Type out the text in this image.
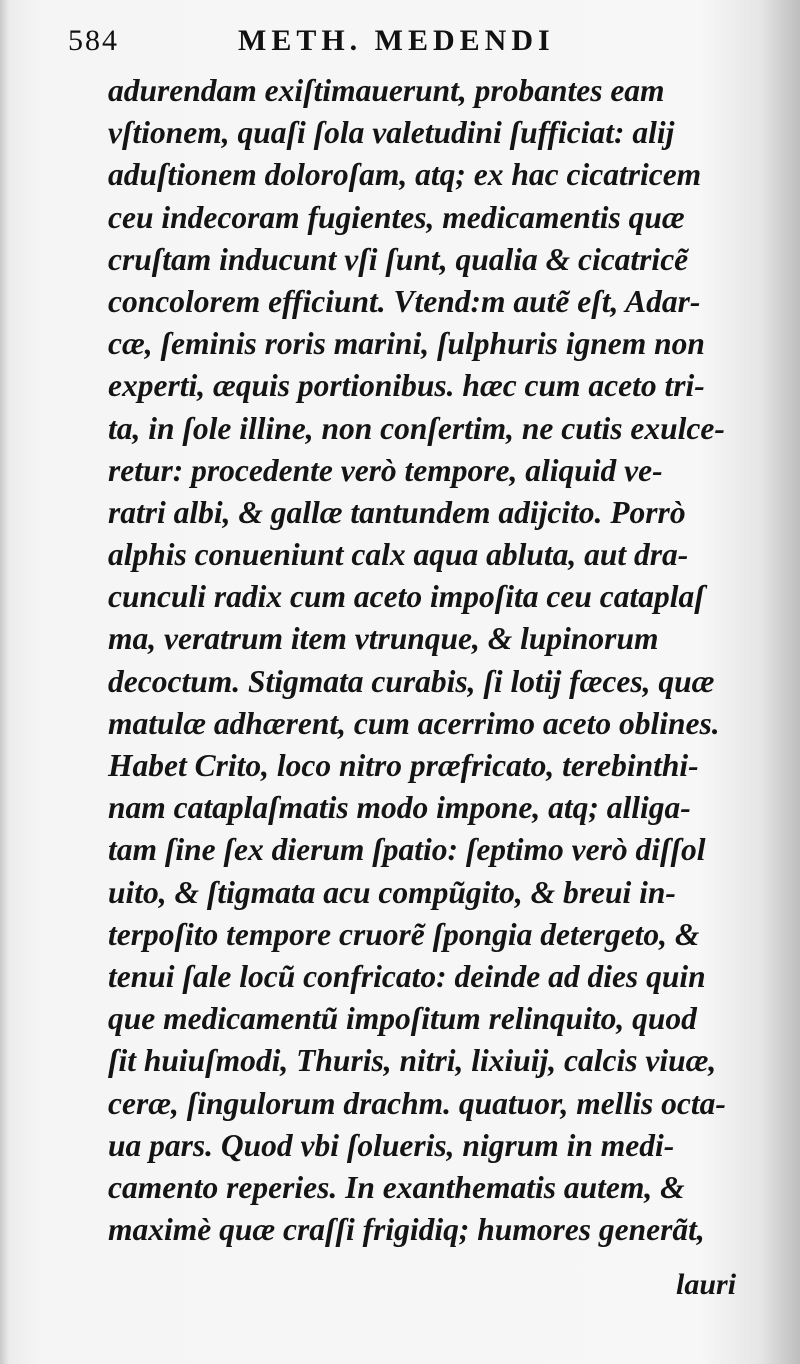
584	METH. MEDENDI
adurendam exiſtimauerunt, probantes eam
vſtionem, quaſi ſola valetudini ſufficiat: alij
aduſtionem doloroſam, atq; ex hac cicatricem
ceu indecoram fugientes, medicamentis quæ
cruſtam inducunt vſi ſunt, qualia & cicatricẽ
concolorem efficiunt. Vtend:m autẽ eſt, Adar-
cæ, ſeminis roris marini, ſulphuris ignem non
experti, æquis portionibus. hæc cum aceto tri-
ta, in ſole illine, non conſertim, ne cutis exulce-
retur: procedente verò tempore, aliquid ve-
ratri albi, & gallæ tantundem adijcito. Porrò
alphis conueniunt calx aqua abluta, aut dra-
cunculi radix cum aceto impoſita ceu cataplaſ
ma, veratrum item vtrunque, & lupinorum
decoctum. Stigmata curabis, ſi lotij fæces, quæ
matulæ adhærent, cum acerrimo aceto oblines.
Habet Crito, loco nitro præfricato, terebinthi-
nam cataplaſmatis modo impone, atq; alliga-
tam ſine ſex dierum ſpatio: ſeptimo verò diſſol
uito, & ſtigmata acu compũgito, & breui in-
terpoſito tempore cruorẽ ſpongia detergeto, &
tenui ſale locũ confricato: deinde ad dies quin
que medicamentũ impoſitum relinquito, quod
ſit huiuſmodi, Thuris, nitri, lixiuij, calcis viuæ,
ceræ, ſingulorum drachm. quatuor, mellis octa-
ua pars. Quod vbi ſolueris, nigrum in medi-
camento reperies. In exanthematis autem, &
maximè quæ craſſi frigidiq; humores generãt,
lauri
